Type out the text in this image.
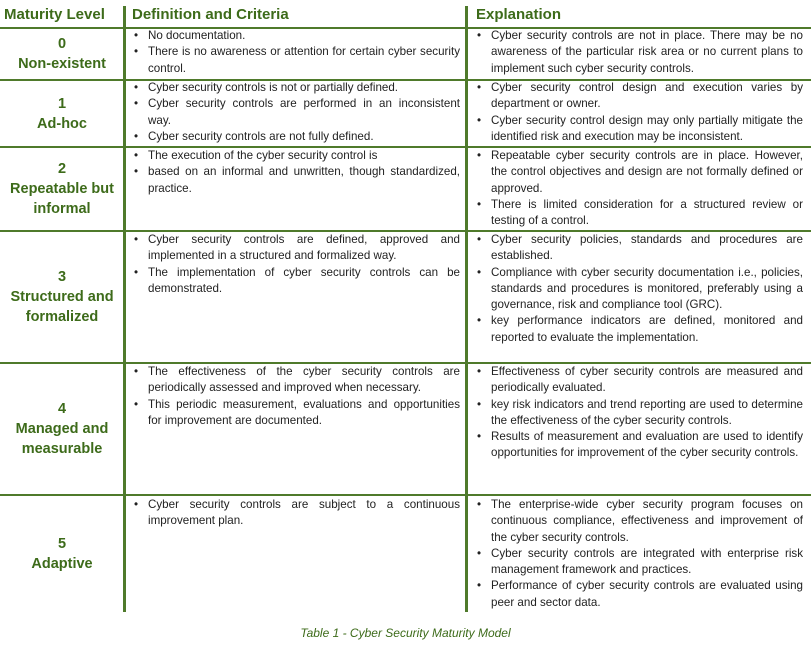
Maturity Level	Definition and Criteria	Explanation
0
Non-existent
• No documentation.
• There is no awareness or attention for certain cyber security control.
• Cyber security controls are not in place. There may be no awareness of the particular risk area or no current plans to implement such cyber security controls.
1
Ad-hoc
• Cyber security controls is not or partially defined.
• Cyber security controls are performed in an inconsistent way.
• Cyber security controls are not fully defined.
• Cyber security control design and execution varies by department or owner.
• Cyber security control design may only partially mitigate the identified risk and execution may be inconsistent.
2
Repeatable but informal
• The execution of the cyber security control is
• based on an informal and unwritten, though standardized, practice.
• Repeatable cyber security controls are in place. However, the control objectives and design are not formally defined or approved.
• There is limited consideration for a structured review or testing of a control.
3
Structured and formalized
• Cyber security controls are defined, approved and implemented in a structured and formalized way.
• The implementation of cyber security controls can be demonstrated.
• Cyber security policies, standards and procedures are established.
• Compliance with cyber security documentation i.e., policies, standards and procedures is monitored, preferably using a governance, risk and compliance tool (GRC).
• key performance indicators are defined, monitored and reported to evaluate the implementation.
4
Managed and measurable
• The effectiveness of the cyber security controls are periodically assessed and improved when necessary.
• This periodic measurement, evaluations and opportunities for improvement are documented.
• Effectiveness of cyber security controls are measured and periodically evaluated.
• key risk indicators and trend reporting are used to determine the effectiveness of the cyber security controls.
• Results of measurement and evaluation are used to identify opportunities for improvement of the cyber security controls.
5
Adaptive
• Cyber security controls are subject to a continuous improvement plan.
• The enterprise-wide cyber security program focuses on continuous compliance, effectiveness and improvement of the cyber security controls.
• Cyber security controls are integrated with enterprise risk management framework and practices.
• Performance of cyber security controls are evaluated using peer and sector data.
Table 1 - Cyber Security Maturity Model
